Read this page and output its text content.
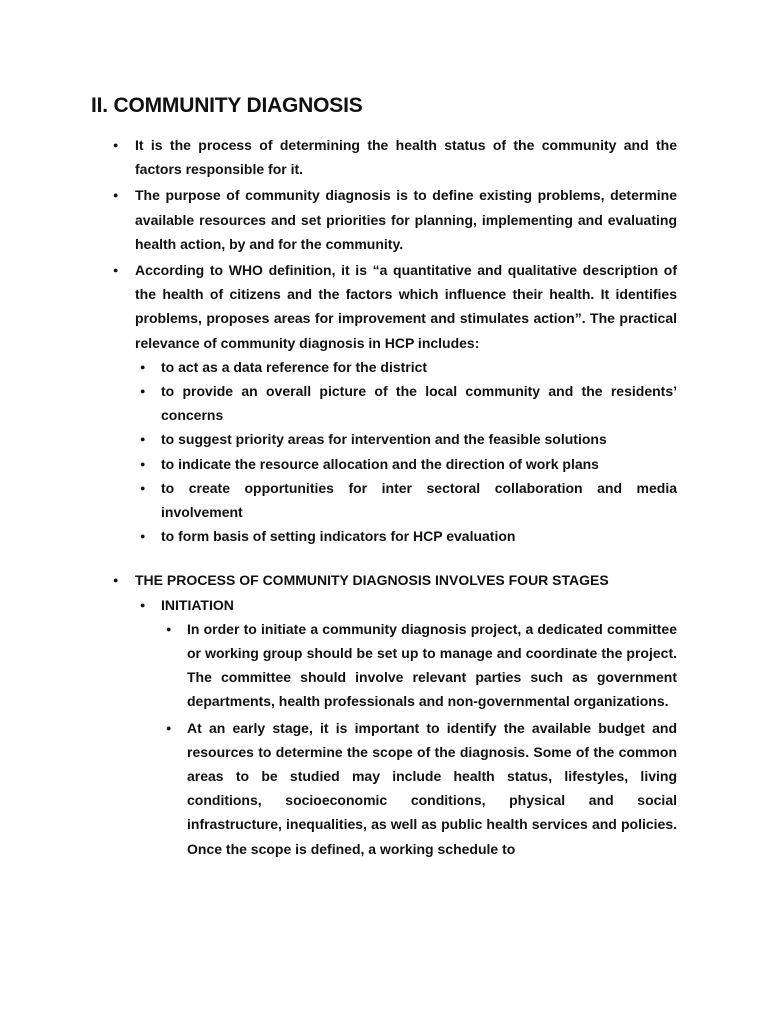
II. COMMUNITY DIAGNOSIS
● It is the process of determining the health status of the community and the factors responsible for it.
● The purpose of community diagnosis is to define existing problems, determine available resources and set priorities for planning, implementing and evaluating health action, by and for the community.
● According to WHO definition, it is “a quantitative and qualitative description of the health of citizens and the factors which influence their health. It identifies problems, proposes areas for improvement and stimulates action”. The practical relevance of community diagnosis in HCP includes:
● to act as a data reference for the district
● to provide an overall picture of the local community and the residents’ concerns
● to suggest priority areas for intervention and the feasible solutions
● to indicate the resource allocation and the direction of work plans
● to create opportunities for inter sectoral collaboration and media involvement
● to form basis of setting indicators for HCP evaluation
● THE PROCESS OF COMMUNITY DIAGNOSIS INVOLVES FOUR STAGES
● INITIATION
● In order to initiate a community diagnosis project, a dedicated committee or working group should be set up to manage and coordinate the project. The committee should involve relevant parties such as government departments, health professionals and non-governmental organizations.
● At an early stage, it is important to identify the available budget and resources to determine the scope of the diagnosis. Some of the common areas to be studied may include health status, lifestyles, living conditions, socioeconomic conditions, physical and social infrastructure, inequalities, as well as public health services and policies. Once the scope is defined, a working schedule to
